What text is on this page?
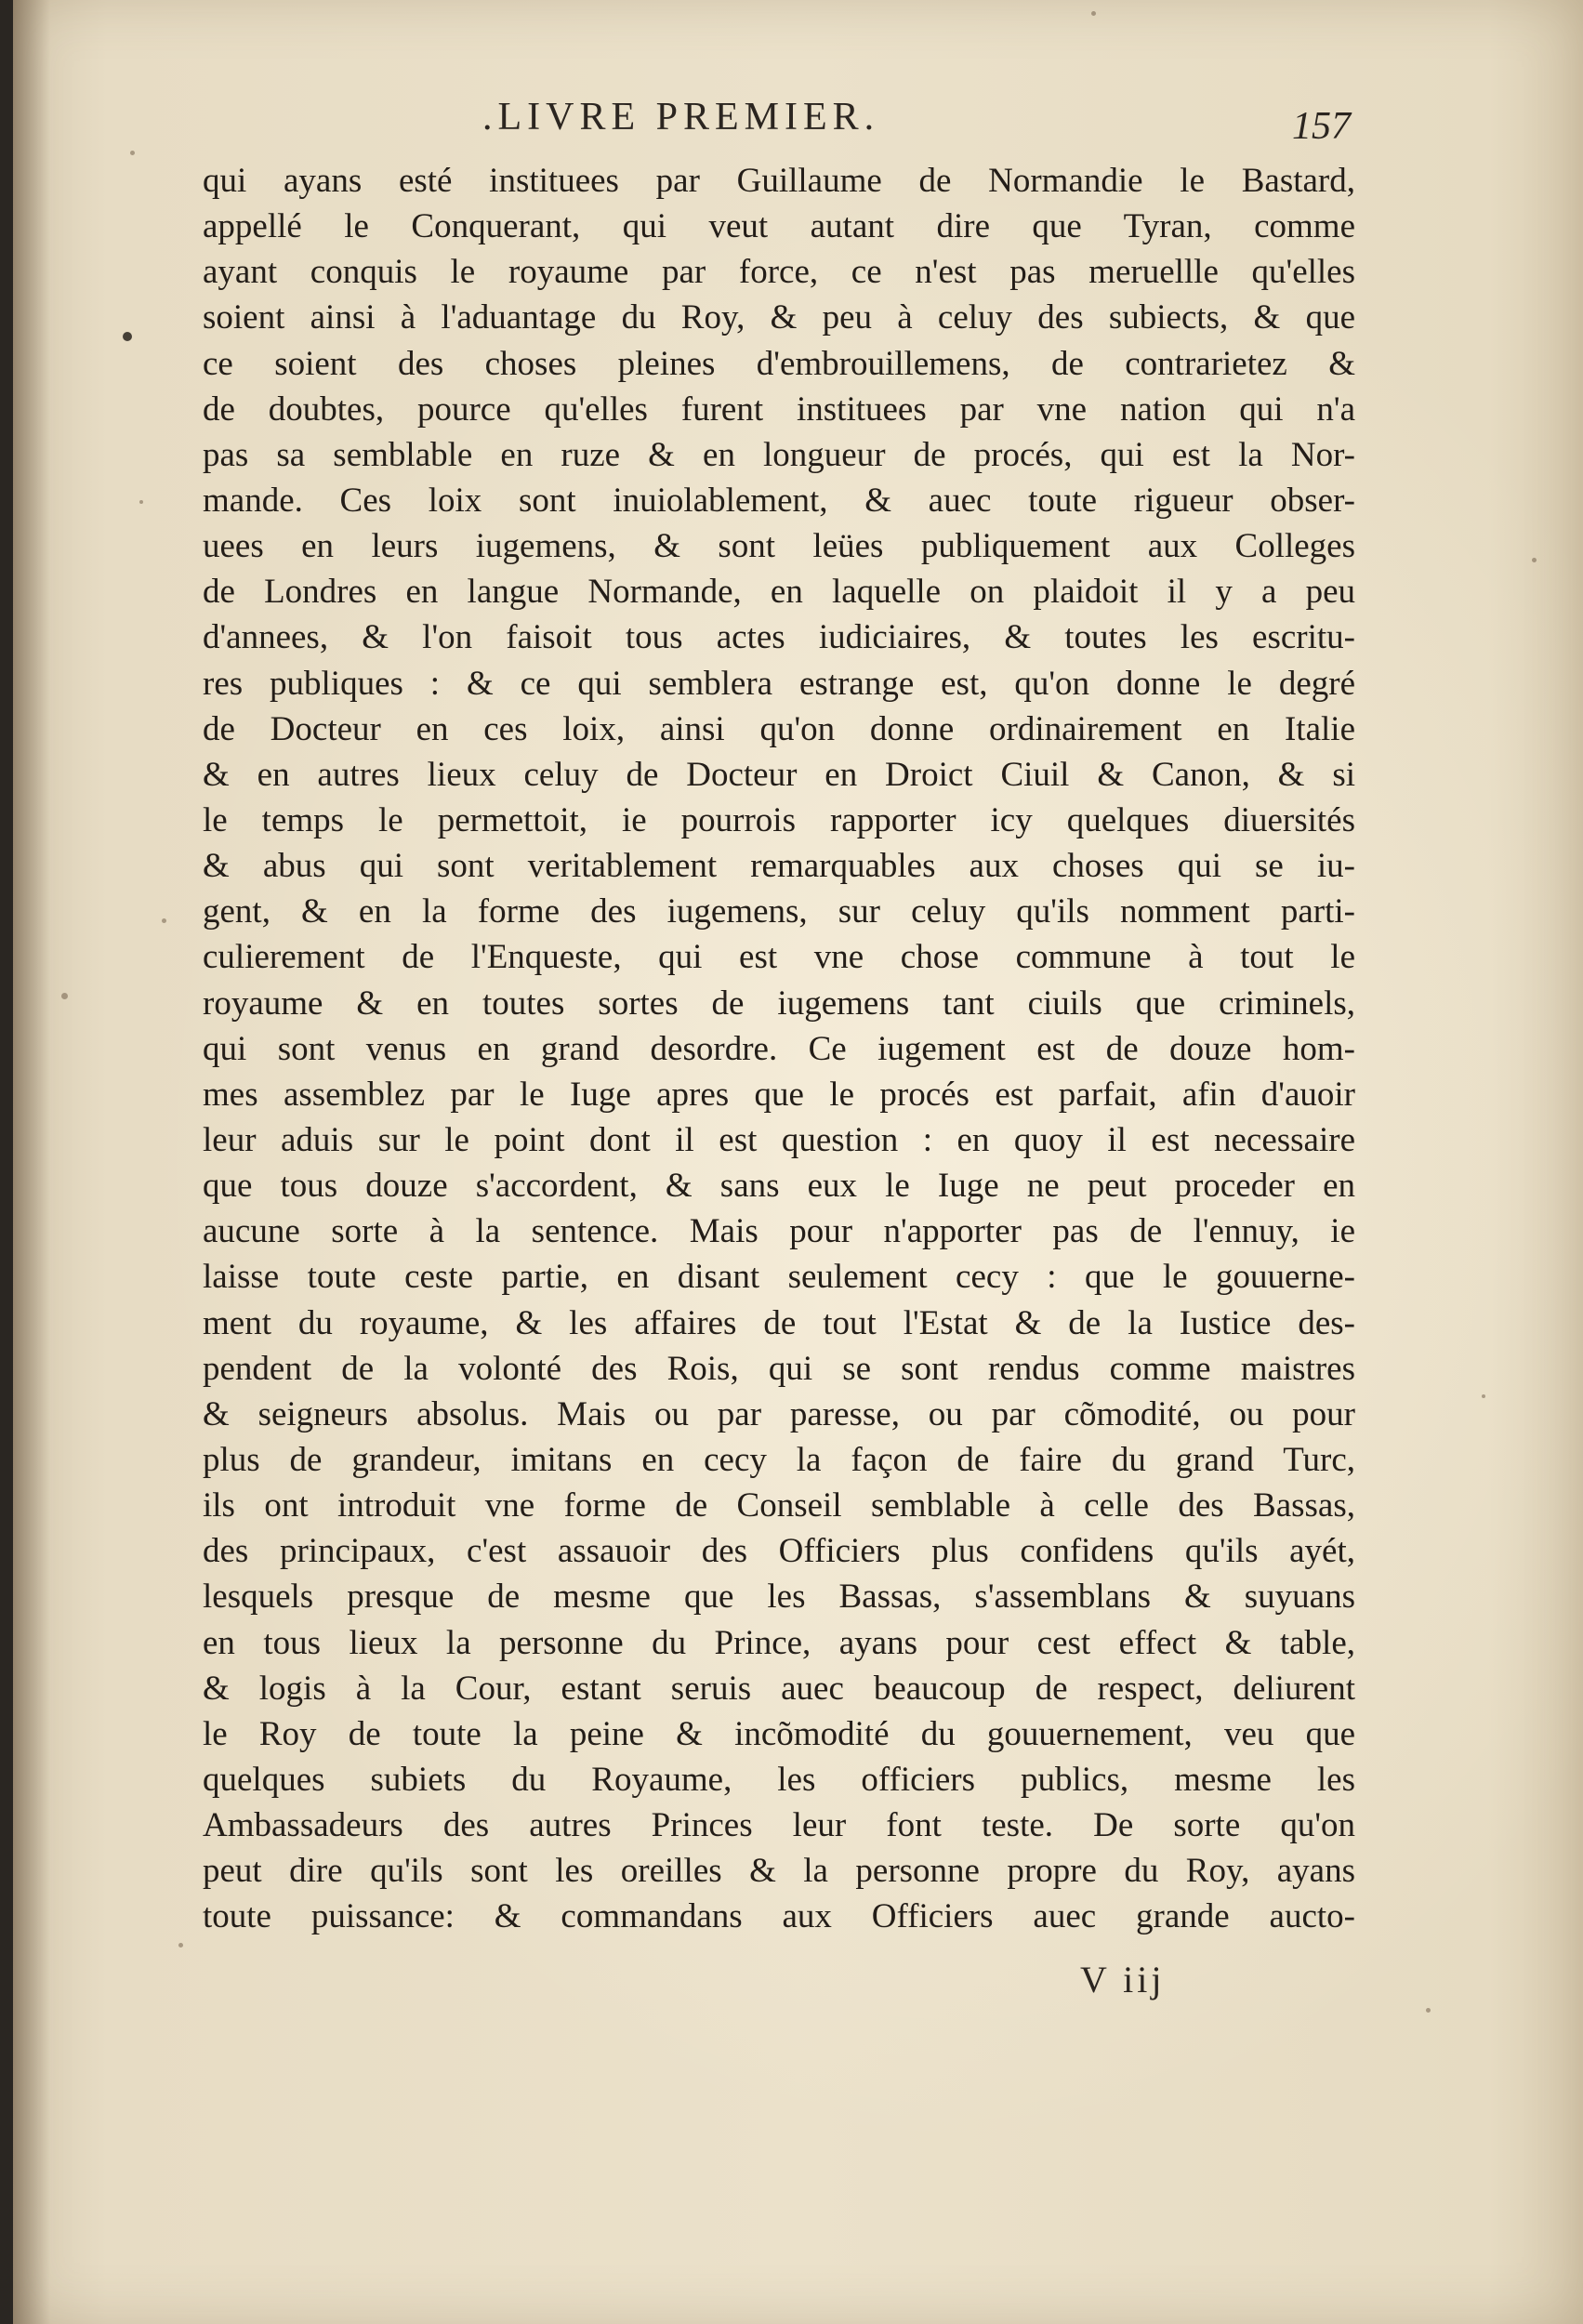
.LIVRE PREMIER.	157
qui ayans esté instituees par Guillaume de Normandie le Bastard,
appellé le Conquerant, qui veut autant dire que Tyran, comme
ayant conquis le royaume par force, ce n'est pas meruellle qu'elles
soient ainsi à l'aduantage du Roy, & peu à celuy des subiects, & que
ce soient des choses pleines d'embrouillemens, de contrarietez &
de doubtes, pource qu'elles furent instituees par vne nation qui n'a
pas sa semblable en ruze & en longueur de procés, qui est la Nor-
mande. Ces loix sont inuiolablement, & auec toute rigueur obser-
uees en leurs iugemens, & sont leües publiquement aux Colleges
de Londres en langue Normande, en laquelle on plaidoit il y a peu
d'annees, & l'on faisoit tous actes iudiciaires, & toutes les escritu-
res publiques : & ce qui semblera estrange est, qu'on donne le degré
de Docteur en ces loix, ainsi qu'on donne ordinairement en Italie
& en autres lieux celuy de Docteur en Droict Ciuil & Canon, & si
le temps le permettoit, ie pourrois rapporter icy quelques diuersités
& abus qui sont veritablement remarquables aux choses qui se iu-
gent, & en la forme des iugemens, sur celuy qu'ils nomment parti-
culierement de l'Enqueste, qui est vne chose commune à tout le
royaume & en toutes sortes de iugemens tant ciuils que criminels,
qui sont venus en grand desordre. Ce iugement est de douze hom-
mes assemblez par le Iuge apres que le procés est parfait, afin d'auoir
leur aduis sur le point dont il est question : en quoy il est necessaire
que tous douze s'accordent, & sans eux le Iuge ne peut proceder en
aucune sorte à la sentence. Mais pour n'apporter pas de l'ennuy, ie
laisse toute ceste partie, en disant seulement cecy : que le gouuerne-
ment du royaume, & les affaires de tout l'Estat & de la Iustice des-
pendent de la volonté des Rois, qui se sont rendus comme maistres
& seigneurs absolus. Mais ou par paresse, ou par cõmodité, ou pour
plus de grandeur, imitans en cecy la façon de faire du grand Turc,
ils ont introduit vne forme de Conseil semblable à celle des Bassas,
des principaux, c'est assauoir des Officiers plus confidens qu'ils ayét,
lesquels presque de mesme que les Bassas, s'assemblans & suyuans
en tous lieux la personne du Prince, ayans pour cest effect & table,
& logis à la Cour, estant seruis auec beaucoup de respect, deliurent
le Roy de toute la peine & incõmodité du gouuernement, veu que
quelques subiets du Royaume, les officiers publics, mesme les
Ambassadeurs des autres Princes leur font teste. De sorte qu'on
peut dire qu'ils sont les oreilles & la personne propre du Roy, ayans
toute puissance: & commandans aux Officiers auec grande aucto-
V iij
